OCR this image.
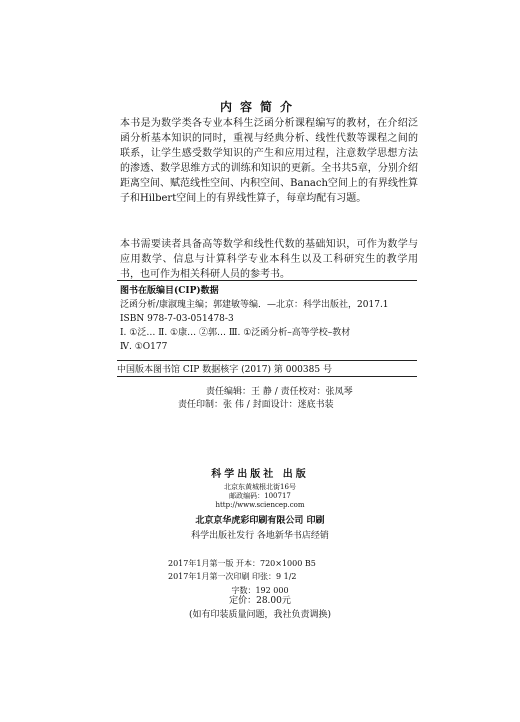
内容简介
本书是为数学类各专业本科生泛函分析课程编写的教材，在介绍泛函分析基本知识的同时，重视与经典分析、线性代数等课程之间的联系，让学生感受数学知识的产生和应用过程，注意数学思想方法的渗透、数学思维方式的训练和知识的更新。全书共5章，分别介绍距离空间、赋范线性空间、内积空间、Banach空间上的有界线性算子和Hilbert空间上的有界线性算子，每章均配有习题。
本书需要读者具备高等数学和线性代数的基础知识，可作为数学与应用数学、信息与计算科学专业本科生以及工科研究生的教学用书，也可作为相关科研人员的参考书。
图书在版编目(CIP)数据
泛函分析/康淑瑰主编；郭建敏等编．—北京：科学出版社，2017.1
ISBN 978-7-03-051478-3
Ⅰ. ①泛… Ⅱ. ①康… ②郭… Ⅲ. ①泛函分析–高等学校–教材
Ⅳ. ①O177
中国版本图书馆 CIP 数据核字 (2017) 第 000385 号
责任编辑：王 静 / 责任校对：张凤琴
责任印制：张 伟 / 封面设计：迷底书装
科学出版社 出版
北京东黄城根北街16号
邮政编码：100717
http://www.sciencep.com
北京京华虎彩印刷有限公司 印刷
科学出版社发行 各地新华书店经销
2017年1月第一版 开本：720×1000 B5
2017年1月第一次印刷 印张：9 1/2
字数：192 000
定价：28.00元
(如有印装质量问题，我社负责调换)
